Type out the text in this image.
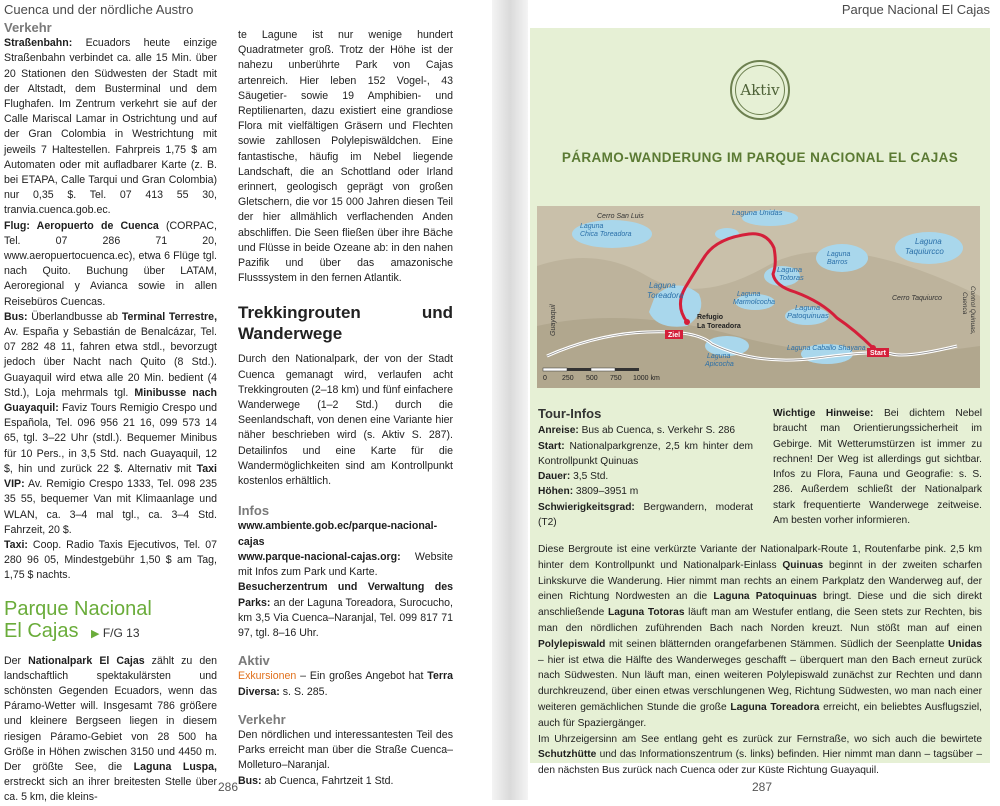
Cuenca und der nördliche Austro	Parque Nacional El Cajas
Verkehr

Straßenbahn: Ecuadors heute einzige Straßenbahn verbindet ca. alle 15 Min. über 20 Stationen den Südwesten der Stadt mit der Altstadt, dem Busterminal und dem Flughafen. Im Zentrum verkehrt sie auf der Calle Mariscal Lamar in Ostrichtung und auf der Gran Colombia in Westrichtung mit jeweils 7 Haltestellen. Fahrpreis 1,75 $ am Automaten oder mit aufladbarer Karte (z. B. bei ETAPA, Calle Tarqui und Gran Colombia) nur 0,35 $. Tel. 07 413 55 30, tranvia.cuenca.gob.ec.

Flug: Aeropuerto de Cuenca (CORPAC, Tel. 07 286 71 20, www.aeropuertocuenca.ec), etwa 6 Flüge tgl. nach Quito. Buchung über LATAM, Aeroregional y Avianca sowie in allen Reisebüros Cuencas.

Bus: Überlandbusse ab Terminal Terrestre, Av. España y Sebastián de Benalcázar, Tel. 07 282 48 11, fahren etwa stdl., bevorzugt jedoch über Nacht nach Quito (8 Std.). Guayaquil wird etwa alle 20 Min. bedient (4 Std.), Loja mehrmals tgl. Minibusse nach Guayaquil: Faviz Tours Remigio Crespo und Española, Tel. 096 956 21 16, 099 573 14 65, tgl. 3–22 Uhr (stdl.). Bequemer Minibus für 10 Pers., in 3,5 Std. nach Guayaquil, 12 $, hin und zurück 22 $. Alternativ mit Taxi VIP: Av. Remigio Crespo 1333, Tel. 098 235 35 55, bequemer Van mit Klimaanlage und WLAN, ca. 3–4 mal tgl., ca. 3–4 Std. Fahrzeit, 20 $.

Taxi: Coop. Radio Taxis Ejecutivos, Tel. 07 280 96 05, Mindestgebühr 1,50 $ am Tag, 1,75 $ nachts.

Parque Nacional
El Cajas	▶ F/G 13

Der Nationalpark El Cajas zählt zu den landschaftlich spektakulärsten und schönsten Gegenden Ecuadors, wenn das Páramo-Wetter will. Insgesamt 786 größere und kleinere Bergseen liegen in diesem riesigen Páramo-Gebiet von 28 500 ha Größe in Höhen zwischen 3150 und 4450 m. Der größte See, die Laguna Luspa, erstreckt sich an ihrer breitesten Stelle über ca. 5 km, die kleins-

te Lagune ist nur wenige hundert Quadratmeter groß. Trotz der Höhe ist der nahezu unberührte Park von Cajas artenreich. Hier leben 152 Vogel-, 43 Säugetier- sowie 19 Amphibien- und Reptilienarten, dazu existiert eine grandiose Flora mit vielfältigen Gräsern und Flechten sowie zahllosen Polylepiswäldchen. Eine fantastische, häufig im Nebel liegende Landschaft, die an Schottland oder Irland erinnert, geologisch geprägt von großen Gletschern, die vor 15 000 Jahren diesen Teil der hier allmählich verflachenden Anden abschliffen. Die Seen fließen über ihre Bäche und Flüsse in beide Ozeane ab: in den nahen Pazifik und über das amazonische Flusssystem in den fernen Atlantik.

Trekkingrouten und Wanderwege

Durch den Nationalpark, der von der Stadt Cuenca gemanagt wird, verlaufen acht Trekkingrouten (2–18 km) und fünf einfachere Wanderwege (1–2 Std.) durch die Seenlandschaft, von denen eine Variante hier näher beschrieben wird (s. Aktiv S. 287). Detailinfos und eine Karte für die Wandermöglichkeiten sind am Kontrollpunkt kostenlos erhältlich.

Infos

www.ambiente.gob.ec/parque-nacional-cajas

www.parque-nacional-cajas.org: Website mit Infos zum Park und Karte.

Besucherzentrum und Verwaltung des Parks: an der Laguna Toreadora, Surocucho, km 3,5 Via Cuenca–Naranjal, Tel. 099 817 71 97, tgl. 8–16 Uhr.

Aktiv

Exkursionen – Ein großes Angebot hat Terra Diversa: s. S. 285.

Verkehr

Den nördlichen und interessantesten Teil des Parks erreicht man über die Straße Cuenca–Molleturo–Naranjal.

Bus: ab Cuenca, Fahrtzeit 1 Std.

286	287
Aktiv
PÁRAMO-WANDERUNG IM PARQUE NACIONAL EL CAJAS
Cerro San Luis	Laguna Unidas
Laguna
Chica Toreadora
Laguna
Barros
Laguna
Taquiurcco
Laguna
Toreadora
Laguna
Totoras
Laguna
Marmolcocha
Laguna
Patoquinuas
Cerro Taquiurco
Guayaquil	Control Quinuas,
Cuenca
Refugio
La Toreadora
Ziel
Start
Laguna
Apicocha
Laguna Caballo Shayana
0 250 500 750 1000 km
Tour-Infos

Anreise: Bus ab Cuenca, s. Verkehr S. 286

Start: Nationalparkgrenze, 2,5 km hinter dem Kontrollpunkt Quinuas

Dauer: 3,5 Std.

Höhen: 3809–3951 m

Schwierigkeitsgrad: Bergwandern, moderat (T2)

Wichtige Hinweise: Bei dichtem Nebel braucht man Orientierungssicherheit im Gebirge. Mit Wetterumstürzen ist immer zu rechnen! Der Weg ist allerdings gut sichtbar. Infos zu Flora, Fauna und Geografie: s. S. 286. Außerdem schließt der Nationalpark stark frequentierte Wanderwege zeitweise. Am besten vorher informieren.

Diese Bergroute ist eine verkürzte Variante der Nationalpark-Route 1, Routenfarbe pink. 2,5 km hinter dem Kontrollpunkt und Nationalpark-Einlass Quinuas beginnt in der zweiten scharfen Linkskurve die Wanderung. Hier nimmt man rechts an einem Parkplatz den Wanderweg auf, der einen Richtung Nordwesten an die Laguna Patoquinuas bringt. Diese und die sich direkt anschließende Laguna Totoras läuft man am Westufer entlang, die Seen stets zur Rechten, bis man den nördlichen zuführenden Bach nach Norden kreuzt. Nun stößt man auf einen Polylepiswald mit seinen blätternden orangefarbenen Stämmen. Südlich der Seenplatte Unidas – hier ist etwa die Hälfte des Wanderweges geschafft – überquert man den Bach erneut zurück nach Südwesten. Nun läuft man, einen weiteren Polylepiswald zunächst zur Rechten und dann durchkreuzend, über einen etwas verschlungenen Weg, Richtung Südwesten, wo man nach einer weiteren gemächlichen Stunde die große Laguna Toreadora erreicht, ein beliebtes Ausflugsziel, auch für Spaziergänger.

Im Uhrzeigersinn am See entlang geht es zurück zur Fernstraße, wo sich auch die bewirtete Schutzhütte und das Informationszentrum (s. links) befinden. Hier nimmt man dann – tagsüber – den nächsten Bus zurück nach Cuenca oder zur Küste Richtung Guayaquil.
